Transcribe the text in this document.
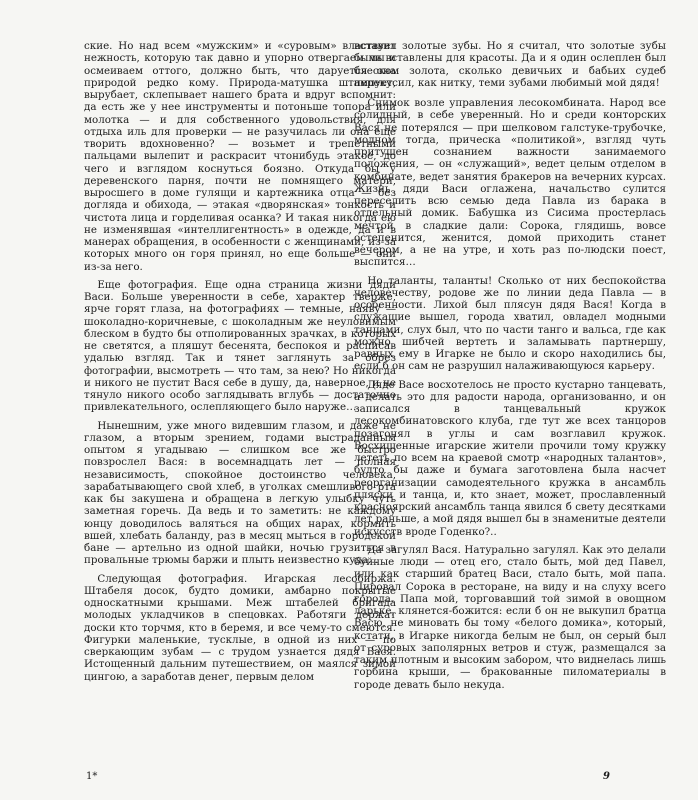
ские. Но над всем «мужским» и «суровым» властвует нежность, которую так давно и упорно отвергаем мы и осмеиваем оттого, должно быть, что даруется она природой редко кому. Природа-матушка штампует, вырубает, склепывает нашего брата и вдруг вспомнит: да есть же у нее инструменты и потоньше топора или молотка — и для собственного удовольствия, для отдыха иль для проверки — не разучилась ли она еще творить вдохновенно? — возьмет и трепетными пальцами вылепит и раскрасит чтонибудь этакое, до чего и взглядом коснуться боязно. Откуда бы у деревенского парня, почти не помнящего матери, выросшего в доме гулящи и картежника отца — без догляда и обихода, — этакая «дворянская» тонкость и чистота лица и горделивая осанка? И такая никогда ею не изменявшая «интеллигентность» в одежде, да и в манерах обращения, в особенности с женщинами, из-за которых много он горя принял, но еще больше — они из-за него.

Еще фотография. Еще одна страница жизни дяди Васи. Больше уверенности в себе, характер тверже, ярче горят глаза, на фотографиях — темные, наяву — шоколадно-коричневые, с шоколадным же неуловимым блеском в будто бы отполированных зрачках, в которых не светятся, а пляшут бесенята, беспокоя и расписав удалью взгляд. Так и тянет заглянуть за обрез фотографии, высмотреть — что там, за нею? Но никогда и никого не пустит Вася себе в душу, да, наверное, и не тянуло никого особо заглядывать вглубь — достаточно привлекательного, ослепляющего было наруже…

Нынешним, уже много видевшим глазом, и даже не глазом, а вторым зрением, годами выстраданным опытом я угадываю — слишком все же быстро повзрослел Вася: в восемнадцать лет — полная независимость, спокойное достоинство человека, зарабатывающего свой хлеб, в уголках смешливого рта как бы закушена и обращена в легкую улыбку чуть заметная горечь. Да ведь и то заметить: не каждому юнцу доводилось валяться на общих нарах, кормить вшей, хлебать баланду, раз в месяц мыться в городской бане — артельно из одной шайки, ночью грузиться в провальные трюмы баржи и плыть неизвестно куда…

Следующая фотография. Игарская лесобиржа. Штабеля досок, будто домики, амбарно покрытые односкатными крышами. Меж штабелей бригада молодых укладчиков в спецовках. Работяги держат доски кто торчмя, кто в беремя, и все чему-то смеются. Фигурки маленькие, тусклые, в одной из них — по сверкающим зубам — с трудом узнается дядя Вася. Истощенный дальним путешествием, он маялся зимой цингою, а заработав денег, первым делом

вставил золотые зубы. Но я считал, что золотые зубы были вставлены для красоты. Да и я один ослеплен был блеском золота, сколько девичьих и бабьих судеб перекусил, как нитку, теми зубами любимый мой дядя!

Снимок возле управления лесокомбината. Народ все солидный, в себе уверенный. Но и среди конторских Вася не потерялся — при шелковом галстуке-трубочке, модном тогда, прическа «политикой», взгляд чуть притушен сознанием важности занимаемого положения, — он «служащий», ведет целым отделом в комбинате, ведет занятия бракеров на вечерних курсах. Жизнь дяди Васи оглажена, начальство сулится переселить всю семью деда Павла из барака в отдельный домик. Бабушка из Сисима простерлась мечтой в сладкие дали: Сорока, глядишь, вовсе остепенится, женится, домой приходить станет вечером, а не на утре, и хоть раз по-людски поест, выспится…

Но таланты, таланты! Сколько от них беспокойства человечеству, родове же по линии деда Павла — в особенности. Лихой был плясун дядя Вася! Когда в служащие вышел, города хватил, овладел модными танцами, слух был, что по части танго и вальса, где как можно шибчей вертеть и заламывать партнершу, равных ему в Игарке не было и скоро находились бы, если б он сам не разрушил налаживающуюся карьеру.

Дяде Васе восхотелось не просто кустарно танцевать, а делать это для радости народа, организованно, и он записался в танцевальный кружок лесокомбинатовского клуба, где тут же всех танцоров позагонял в углы и сам возглавил кружок. Восхищенные игарские жители прочили тому кружку лететь по всем на краевой смотр «народных талантов», будто бы даже и бумага заготовлена была насчет реорганизации самодеятельного кружка в ансамбль пляски и танца, и, кто знает, может, прославленный красноярский ансамбль танца явился б свету десятками лет раньше, а мой дядя вышел бы в знаменитые деятели искусств вроде Годенко?..

Да загулял Вася. Натурально загулял. Как это делали буйные люди — отец его, стало быть, мой дед Павел, или как старший братец Васи, стало быть, мой папа. Пировал Сорока в ресторане, на виду и на слуху всего города. Папа мой, торговавший той зимой в овощном ларьке, клянется-божится: если б он не выкупил братца Васю, не миновать бы тому «белого домика», который, кстати, в Игарке никогда белым не был, он серый был от суровых заполярных ветров и стуж, размещался за таким плотным и высоким забором, что виднелась лишь горбина крыши, — бракованные пиломатериалы в городе девать было некуда.

1*	9
